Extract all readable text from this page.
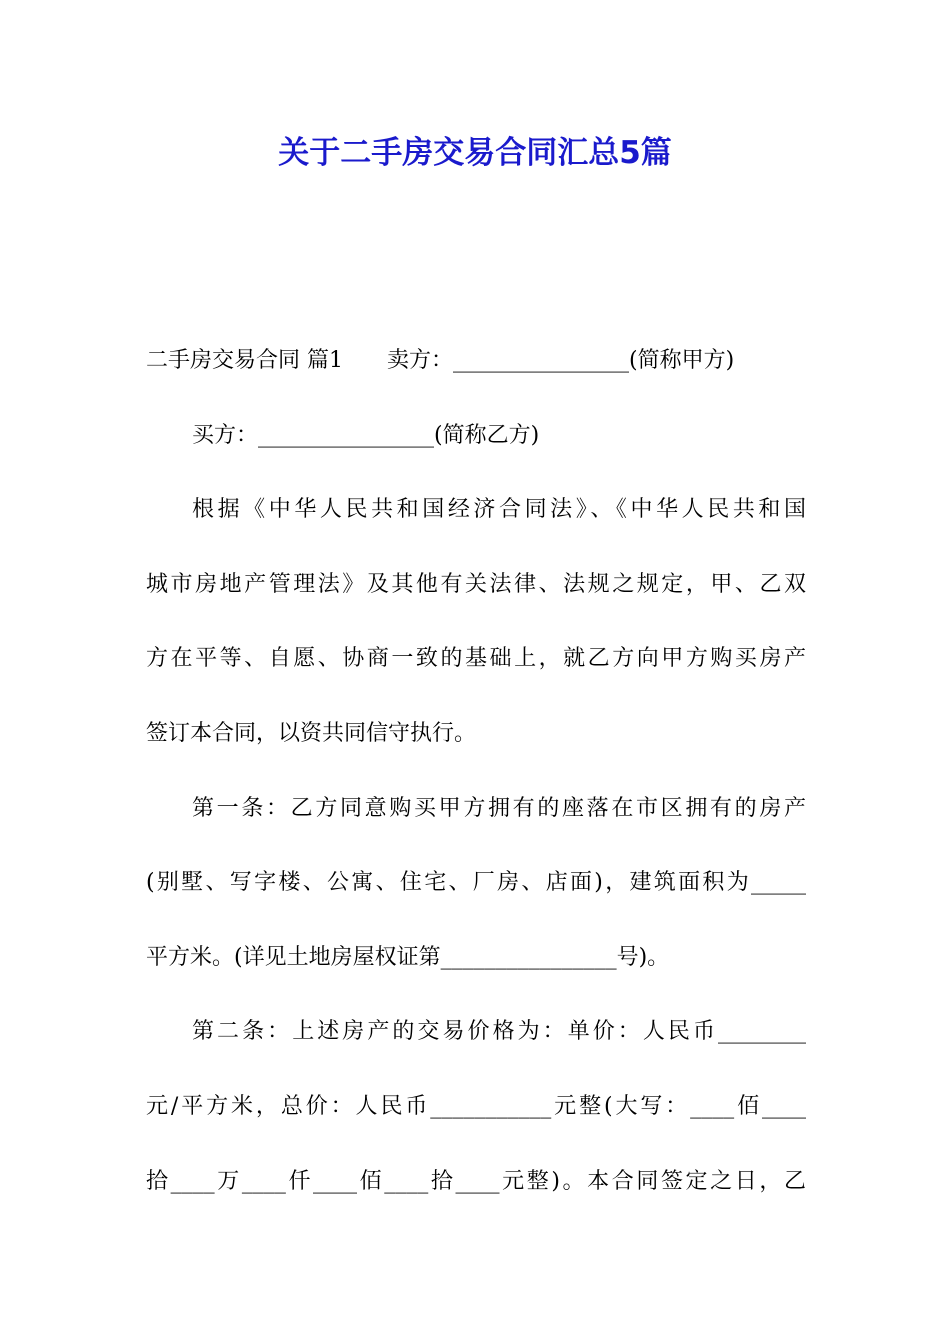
关于二手房交易合同汇总5篇
二手房交易合同 篇1　　卖方：________________(简称甲方)
买方：________________(简称乙方)
根据《中华人民共和国经济合同法》、《中华人民共和国
城市房地产管理法》及其他有关法律、法规之规定，甲、乙双
方在平等、自愿、协商一致的基础上，就乙方向甲方购买房产
签订本合同，以资共同信守执行。
第一条：乙方同意购买甲方拥有的座落在市区拥有的房产
(别墅、写字楼、公寓、住宅、厂房、店面)，建筑面积为_____
平方米。(详见土地房屋权证第________________号)。
第二条：上述房产的交易价格为：单价：人民币________
元/平方米，总价：人民币___________元整(大写：____佰____
拾____万____仟____佰____拾____元整)。本合同签定之日，乙
